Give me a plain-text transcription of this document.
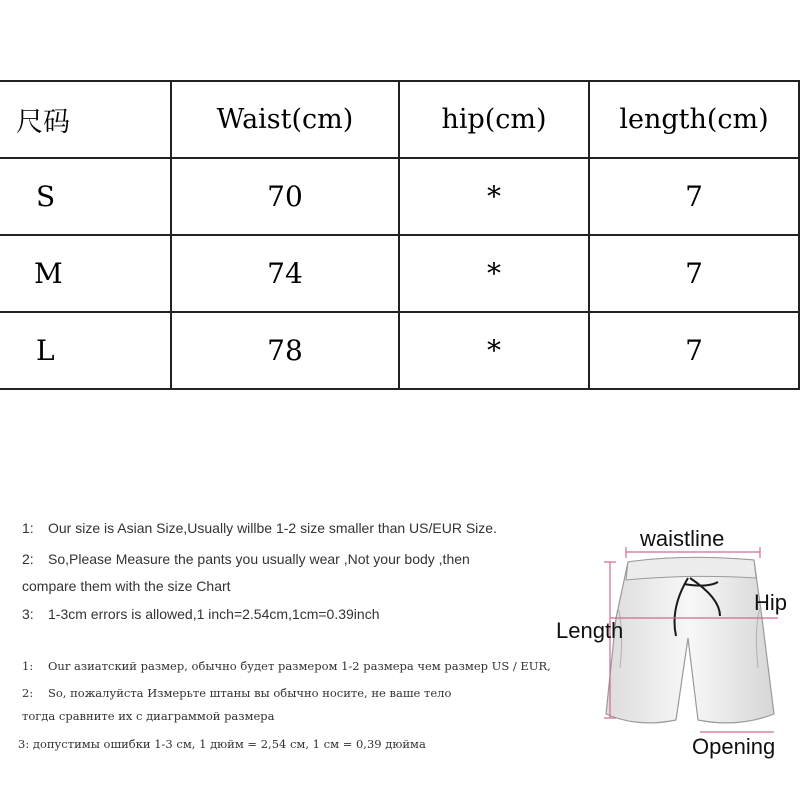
尺码	Waist(cm)	hip(cm)	length(cm)	
S	70	*	7	
M	74	*	7	
L	78	*	7	
1: Our size is Asian Size,Usually willbe 1-2 size smaller than US/EUR Size.
2: So,Please Measure the pants you usually wear ,Not your body ,then
compare them with the size Chart
3: 1-3cm errors is allowed,1 inch=2.54cm,1cm=0.39inch
1: Our азиатский размер, обычно будет размером 1-2 размера чем размер US / EUR,
2: So, пожалуйста Измерьте штаны вы обычно носите, не ваше тело
тогда сравните их с диаграммой размера
3: допустимы ошибки 1-3 см, 1 дюйм = 2,54 см, 1 см = 0,39 дюйма
waistline
Hip
Length
Opening
